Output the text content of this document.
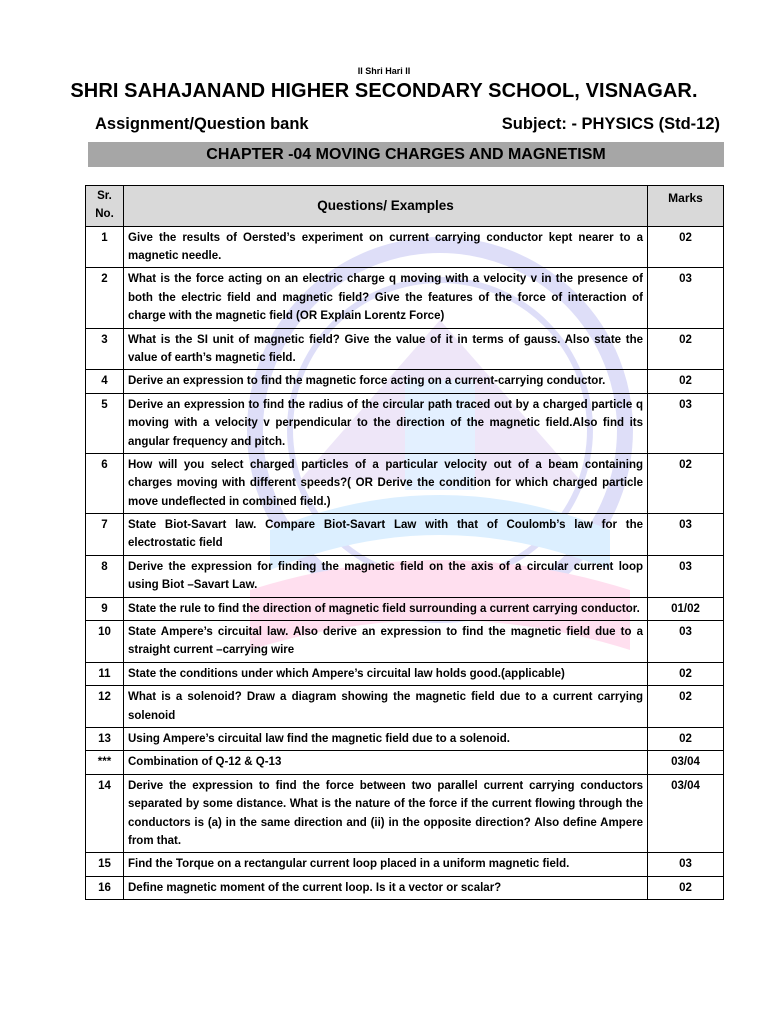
II Shri Hari II
SHRI SAHAJANAND HIGHER SECONDARY SCHOOL, VISNAGAR.
Assignment/Question bank	Subject: - PHYSICS (Std-12)
CHAPTER -04 MOVING CHARGES AND MAGNETISM
Sr.
No.	Questions/ Examples	Marks
1	Give the results of Oersted’s experiment on current carrying conductor kept nearer to a magnetic needle.	02
2	What is the force acting on an electric charge q moving with a velocity v in the presence of both the electric field and magnetic field? Give the features of the force of interaction of charge with the magnetic field (OR Explain Lorentz Force)	03
3	What is the SI unit of magnetic field? Give the value of it in terms of gauss. Also state the value of earth’s magnetic field.	02
4	Derive an expression to find the magnetic force acting on a current-carrying conductor.	02
5	Derive an expression to find the radius of the circular path traced out by a charged particle q moving with a velocity v perpendicular to the direction of the magnetic field.Also find its angular frequency and pitch.	03
6	How will you select charged particles of a particular velocity out of a beam containing charges moving with different speeds?( OR Derive the condition for which charged particle move undeflected in combined field.)	02
7	State Biot-Savart law. Compare Biot-Savart Law with that of Coulomb’s law for the electrostatic field	03
8	Derive the expression for finding the magnetic field on the axis of a circular current loop using Biot –Savart Law.	03
9	State the rule to find the direction of magnetic field surrounding a current carrying conductor.	01/02
10	State Ampere’s circuital law. Also derive an expression to find the magnetic field due to a straight current –carrying wire	03
11	State the conditions under which Ampere’s circuital law holds good.(applicable)	02
12	What is a solenoid? Draw a diagram showing the magnetic field due to a current carrying solenoid	02
13	Using Ampere’s circuital law find the magnetic field due to a solenoid.	02
***	Combination of Q-12 & Q-13	03/04
14	Derive the expression to find the force between two parallel current carrying conductors separated by some distance. What is the nature of the force if the current flowing through the conductors is (a) in the same direction and (ii) in the opposite direction? Also define Ampere from that.	03/04
15	Find the Torque on a rectangular current loop placed in a uniform magnetic field.	03
16	Define magnetic moment of the current loop. Is it a vector or scalar?	02
